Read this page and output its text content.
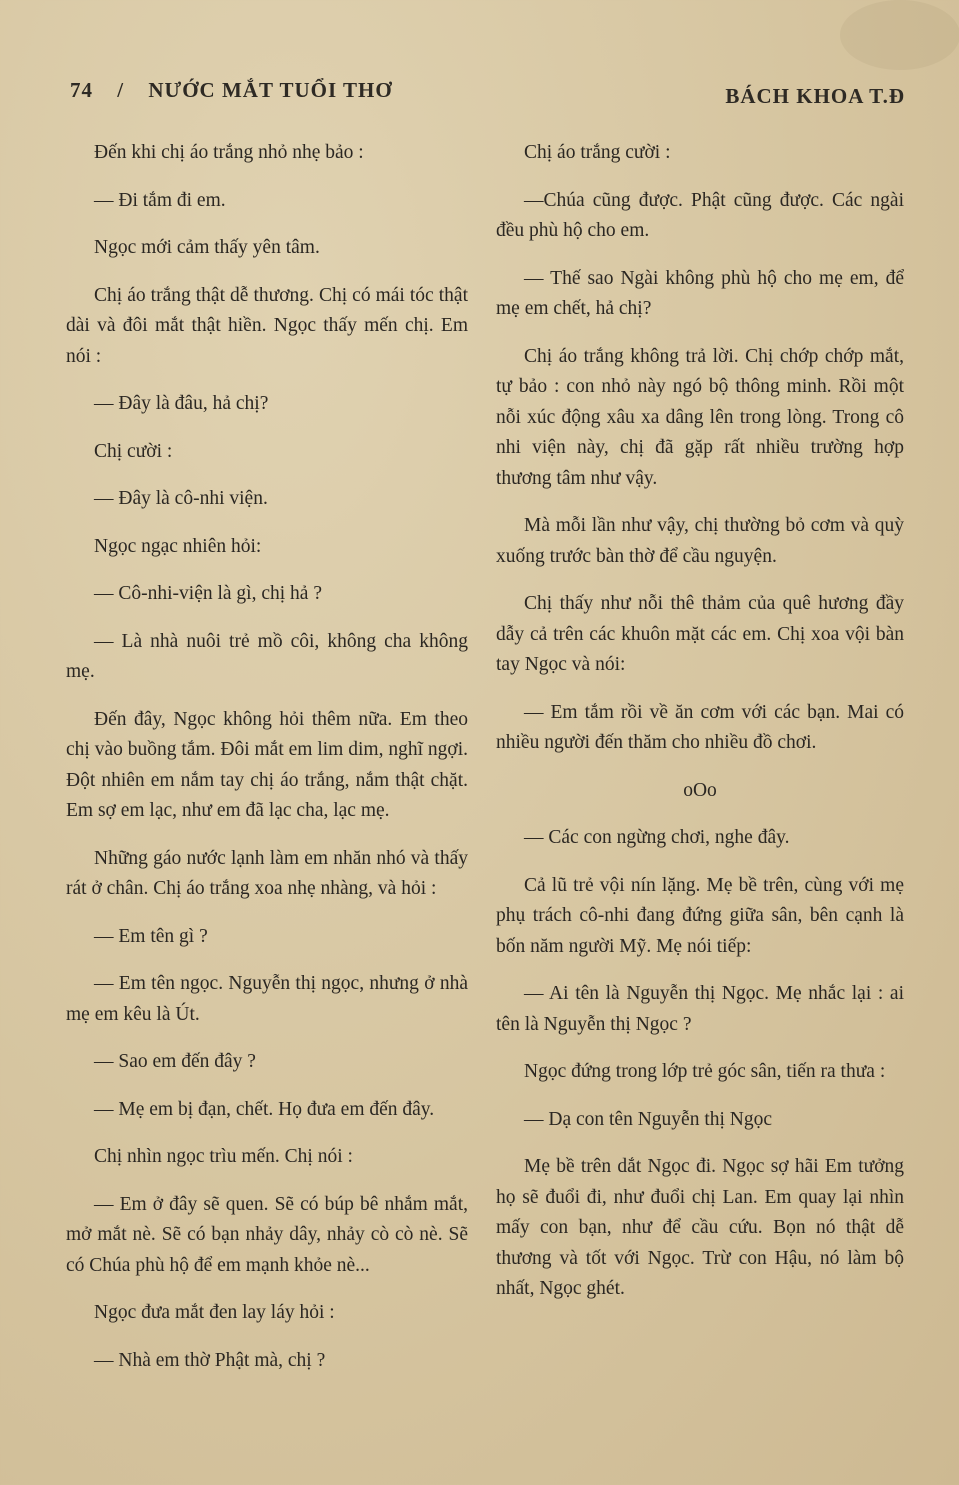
74 / NƯỚC MẮT TUỔI THƠ	BÁCH KHOA T.Đ

Đến khi chị áo trắng nhỏ nhẹ bảo :

— Đi tắm đi em.

Ngọc mới cảm thấy yên tâm.

Chị áo trắng thật dễ thương. Chị có mái tóc thật dài và đôi mắt thật hiền. Ngọc thấy mến chị. Em nói :

— Đây là đâu, hả chị?

Chị cười :

— Đây là cô-nhi viện.

Ngọc ngạc nhiên hỏi:

— Cô-nhi-viện là gì, chị hả ?

— Là nhà nuôi trẻ mồ côi, không cha không mẹ.

Đến đây, Ngọc không hỏi thêm nữa. Em theo chị vào buồng tắm. Đôi mắt em lim dim, nghĩ ngợi. Đột nhiên em nắm tay chị áo trắng, nắm thật chặt. Em sợ em lạc, như em đã lạc cha, lạc mẹ.

Những gáo nước lạnh làm em nhăn nhó và thấy rát ở chân. Chị áo trắng xoa nhẹ nhàng, và hỏi :

— Em tên gì ?

— Em tên ngọc. Nguyễn thị ngọc, nhưng ở nhà mẹ em kêu là Út.

— Sao em đến đây ?

— Mẹ em bị đạn, chết. Họ đưa em đến đây.

Chị nhìn ngọc trìu mến. Chị nói :

— Em ở đây sẽ quen. Sẽ có búp bê nhắm mắt, mở mắt nè. Sẽ có bạn nhảy dây, nhảy cò cò nè. Sẽ có Chúa phù hộ để em mạnh khỏe nè...

Ngọc đưa mắt đen lay láy hỏi :

— Nhà em thờ Phật mà, chị ?

Chị áo trắng cười :

—Chúa cũng được. Phật cũng được. Các ngài đều phù hộ cho em.

— Thế sao Ngài không phù hộ cho mẹ em, để mẹ em chết, hả chị?

Chị áo trắng không trả lời. Chị chớp chớp mắt, tự bảo : con nhỏ này ngó bộ thông minh. Rồi một nỗi xúc động xâu xa dâng lên trong lòng. Trong cô nhi viện này, chị đã gặp rất nhiều trường hợp thương tâm như vậy.

Mà mỗi lần như vậy, chị thường bỏ cơm và quỳ xuống trước bàn thờ để cầu nguyện.

Chị thấy như nỗi thê thảm của quê hương đầy dẫy cả trên các khuôn mặt các em. Chị xoa vội bàn tay Ngọc và nói:

— Em tắm rồi về ăn cơm với các bạn. Mai có nhiều người đến thăm cho nhiều đồ chơi.

oOo

— Các con ngừng chơi, nghe đây.

Cả lũ trẻ vội nín lặng. Mẹ bề trên, cùng với mẹ phụ trách cô-nhi đang đứng giữa sân, bên cạnh là bốn năm người Mỹ. Mẹ nói tiếp:

— Ai tên là Nguyễn thị Ngọc. Mẹ nhắc lại : ai tên là Nguyễn thị Ngọc ?

Ngọc đứng trong lớp trẻ góc sân, tiến ra thưa :

— Dạ con tên Nguyễn thị Ngọc

Mẹ bề trên dắt Ngọc đi. Ngọc sợ hãi Em tưởng họ sẽ đuổi đi, như đuổi chị Lan. Em quay lại nhìn mấy con bạn, như để cầu cứu. Bọn nó thật dễ thương và tốt với Ngọc. Trừ con Hậu, nó làm bộ nhất, Ngọc ghét.
